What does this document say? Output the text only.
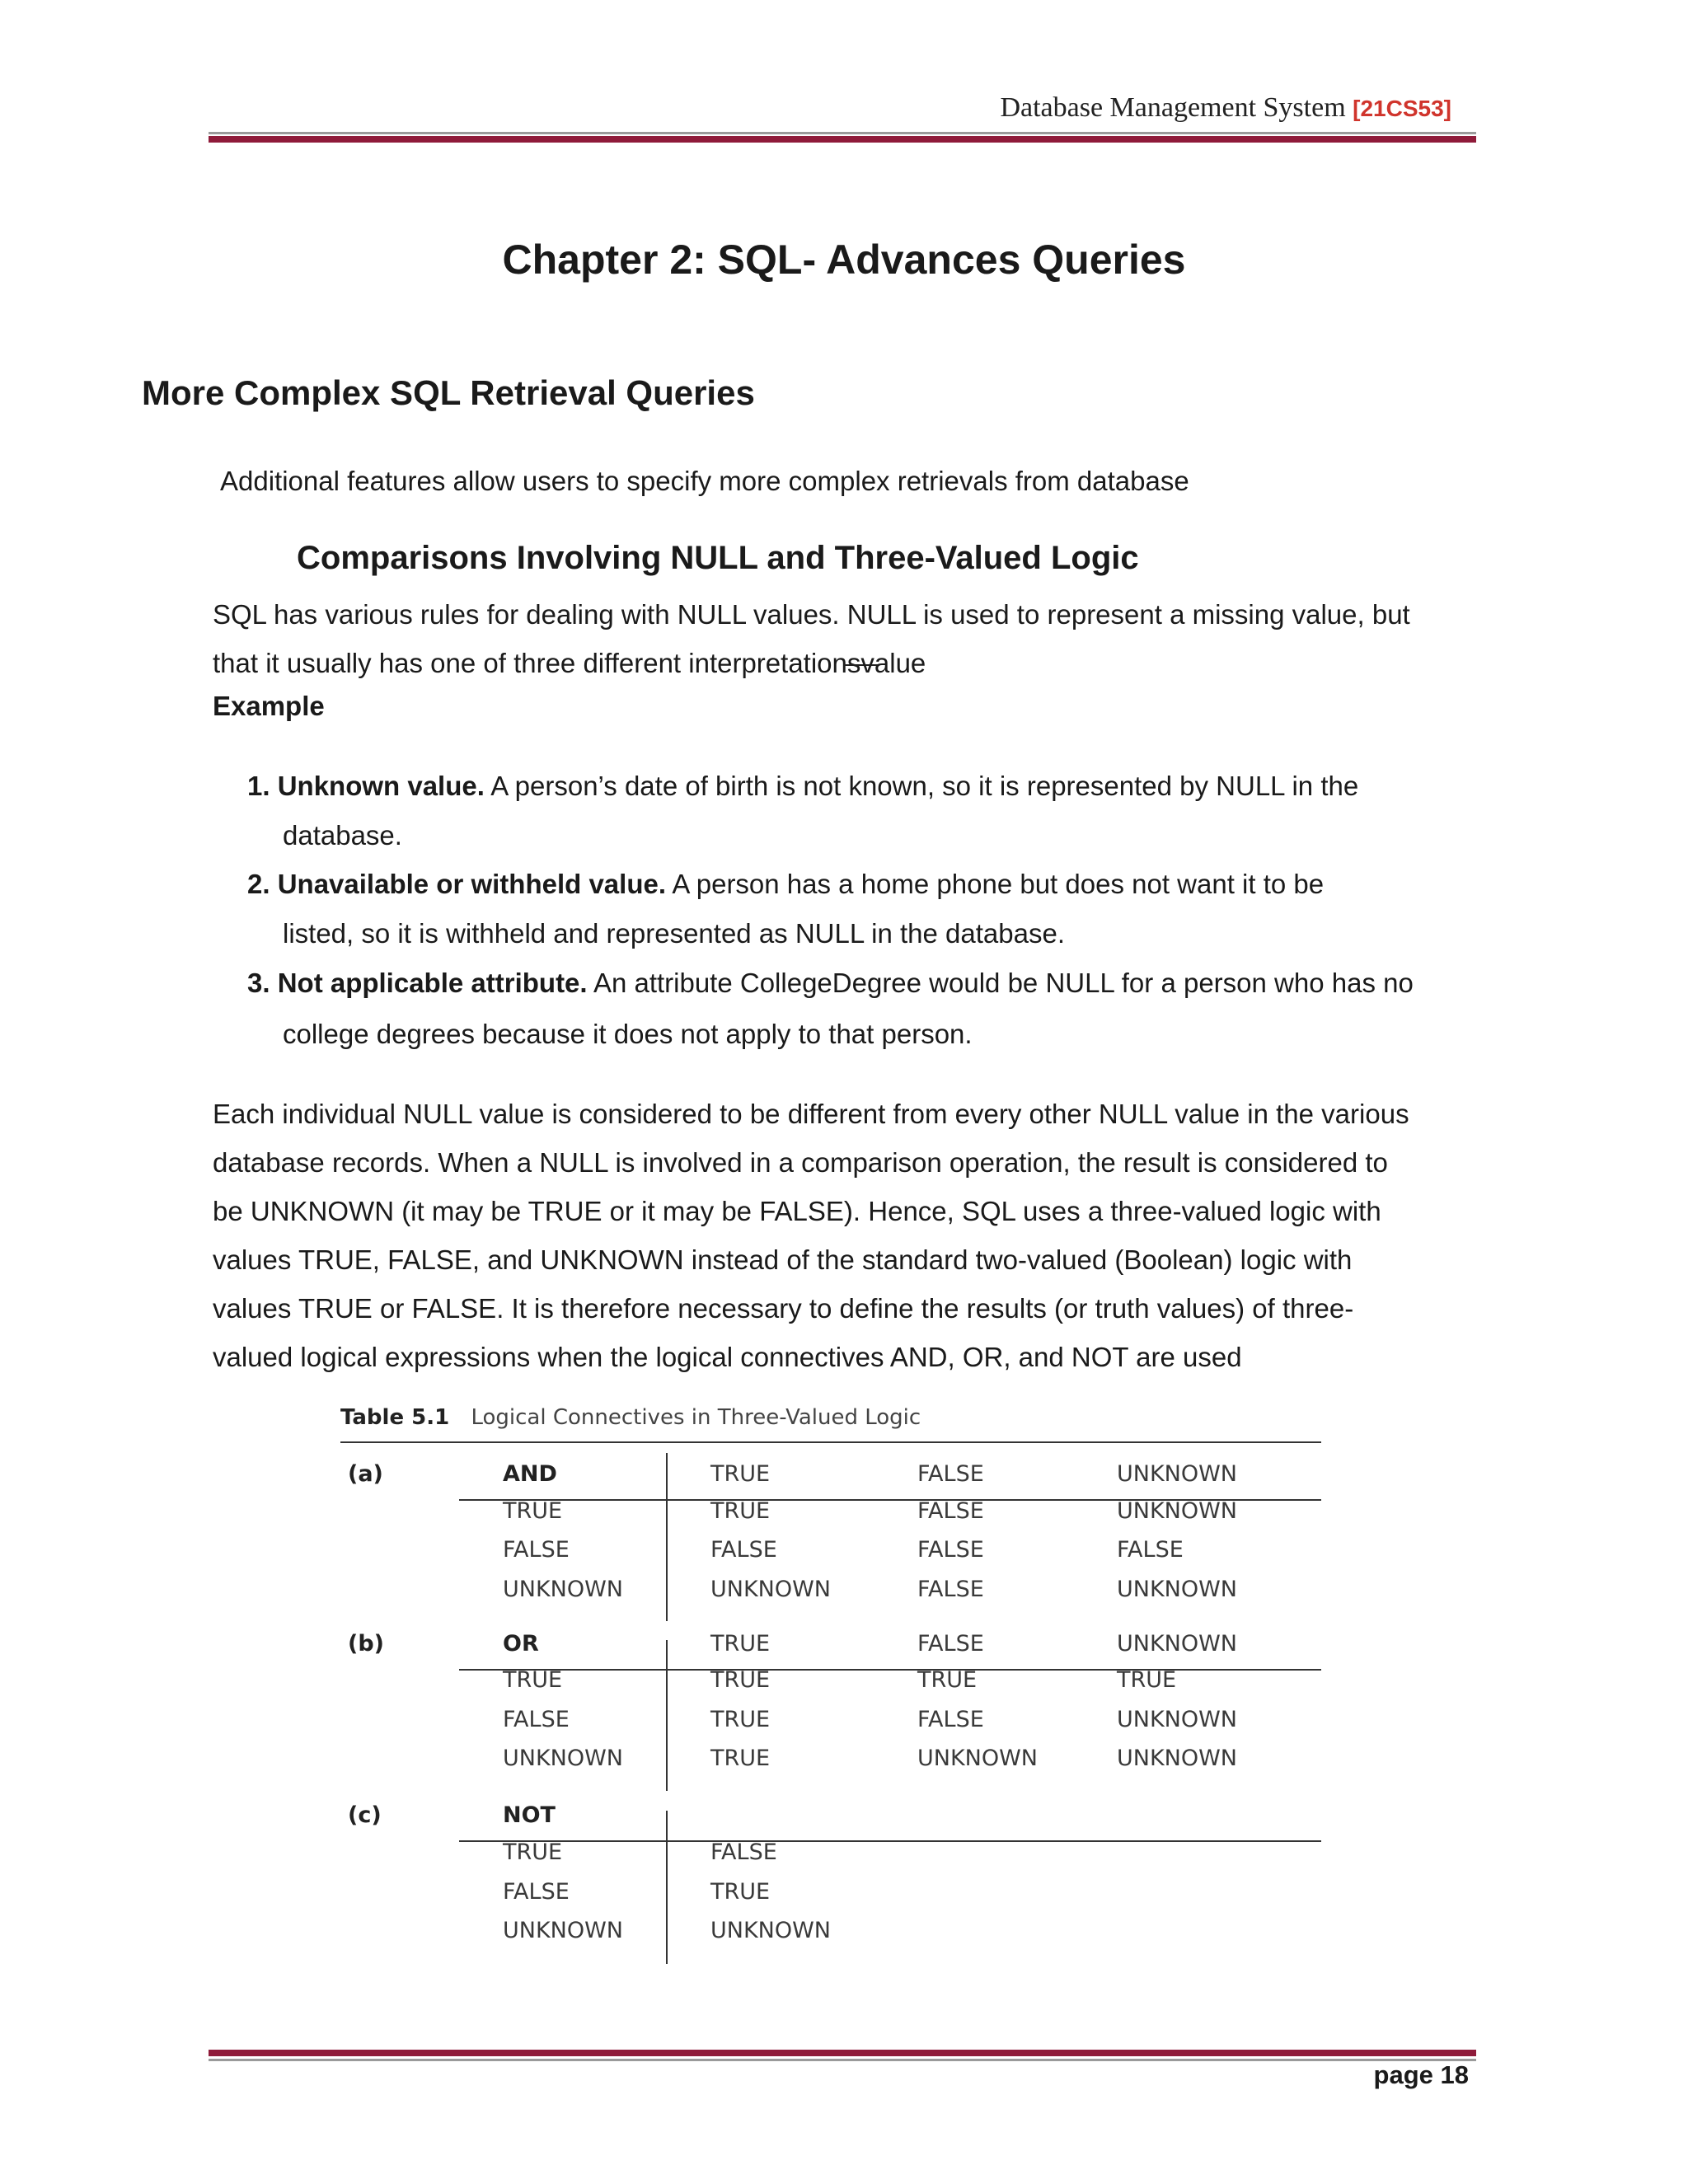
Database Management System [21CS53]
Chapter 2: SQL- Advances Queries
More Complex SQL Retrieval Queries
Additional features allow users to specify more complex retrievals from database
Comparisons Involving NULL and Three-Valued Logic
SQL has various rules for dealing with NULL values. NULL is used to represent a missing value, but
that it usually has one of three different interpretationsvalue
Example
1. Unknown value. A person’s date of birth is not known, so it is represented by NULL in the
database.
2. Unavailable or withheld value. A person has a home phone but does not want it to be
listed, so it is withheld and represented as NULL in the database.
3. Not applicable attribute. An attribute CollegeDegree would be NULL for a person who has no
college degrees because it does not apply to that person.
Each individual NULL value is considered to be different from every other NULL value in the various
database records. When a NULL is involved in a comparison operation, the result is considered to
be UNKNOWN (it may be TRUE or it may be FALSE). Hence, SQL uses a three-valued logic with
values TRUE, FALSE, and UNKNOWN instead of the standard two-valued (Boolean) logic with
values TRUE or FALSE. It is therefore necessary to define the results (or truth values) of three-
valued logical expressions when the logical connectives AND, OR, and NOT are used
Table 5.1 Logical Connectives in Three-Valued Logic
(a)	AND	TRUE	FALSE	UNKNOWN
TRUE	TRUE	FALSE	UNKNOWN
FALSE	FALSE	FALSE	FALSE
UNKNOWN	UNKNOWN	FALSE	UNKNOWN
(b)	OR	TRUE	FALSE	UNKNOWN
TRUE	TRUE	TRUE	TRUE
FALSE	TRUE	FALSE	UNKNOWN
UNKNOWN	TRUE	UNKNOWN	UNKNOWN
(c)	NOT
TRUE	FALSE
FALSE	TRUE
UNKNOWN	UNKNOWN
page 18
